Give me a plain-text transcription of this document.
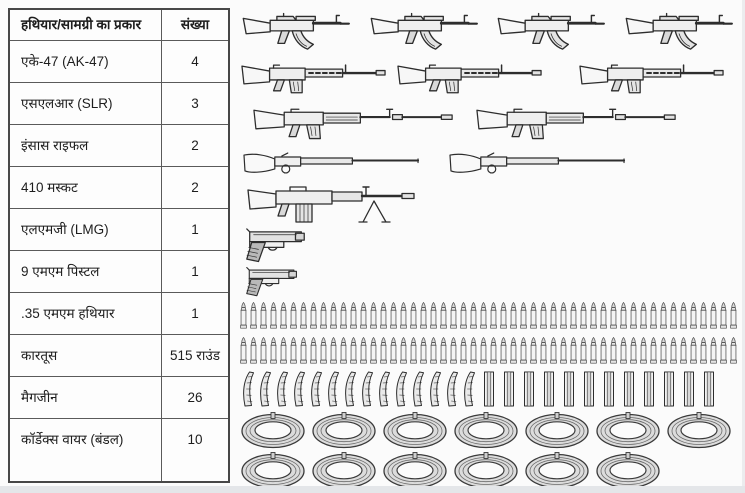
हथियार/सामग्री का प्रकार	संख्या
एके-47 (AK-47)	4
एसएलआर (SLR)	3
इंसास राइफल	2
410 मस्कट	2
एलएमजी (LMG)	1
9 एमएम पिस्टल	1
.35 एमएम हथियार	1
कारतूस	515 राउंड
मैगजीन	26
कॉर्डेक्स वायर (बंडल)	10
